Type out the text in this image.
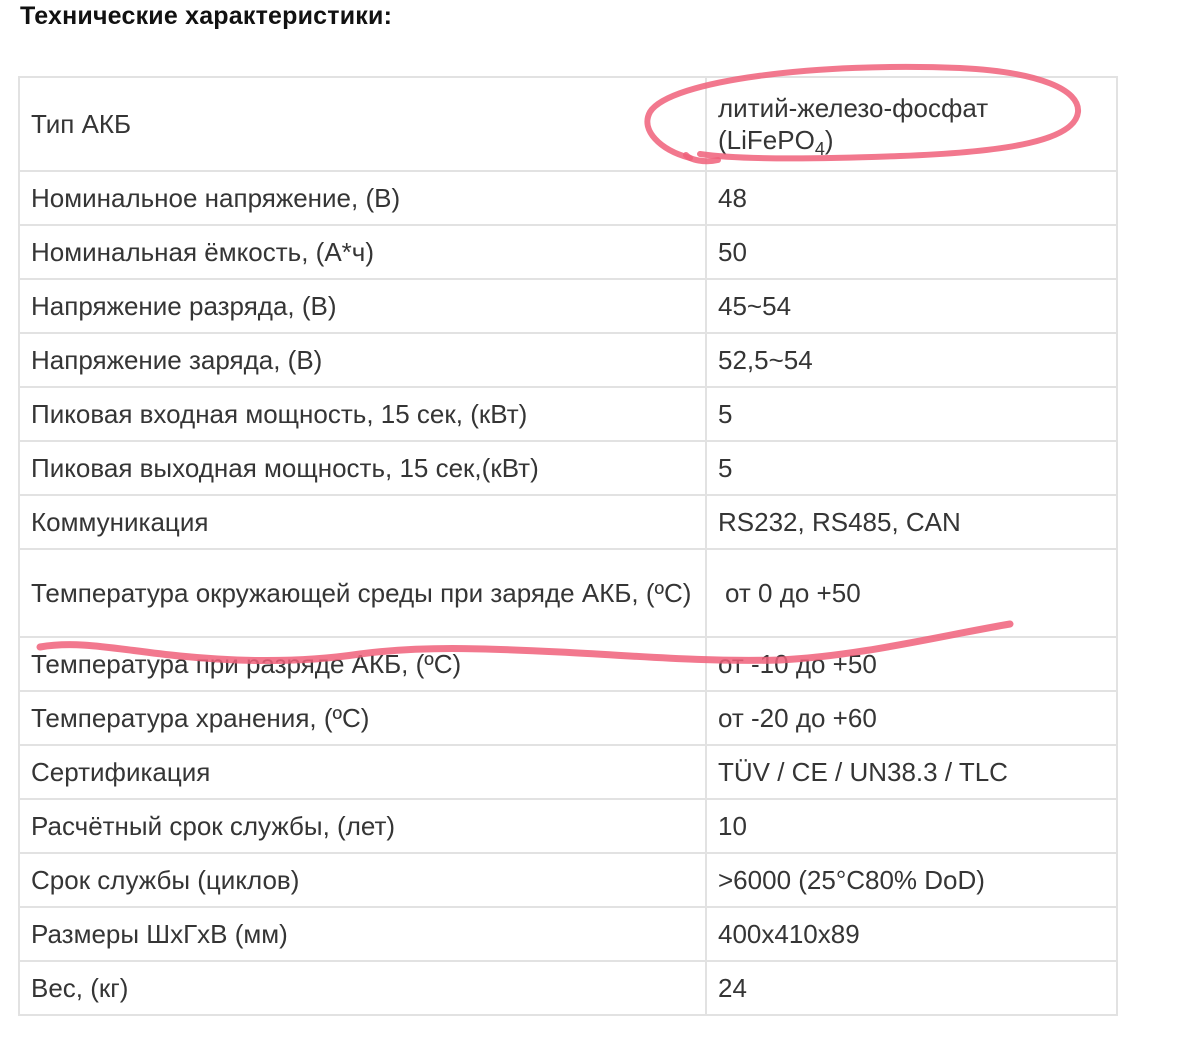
Технические характеристики:
Тип АКБ	литий-железо-фосфат
(LiFePO$_4$)
Номинальное напряжение, (В)	48
Номинальная ёмкость, (А*ч)	50
Напряжение разряда, (В)	45~54
Напряжение заряда, (В)	52,5~54
Пиковая входная мощность, 15 сек, (кВт)	5
Пиковая выходная мощность, 15 сек,(кВт)	5
Коммуникация	RS232, RS485, CAN
Температура окружающей среды при заряде АКБ, (ºC)	от 0 до +50
Температура при разряде АКБ, (ºC)	от -10 до +50
Температура хранения, (ºC)	от -20 до +60
Сертификация	TÜV / CE / UN38.3 / TLC
Расчётный срок службы, (лет)	10
Срок службы (циклов)	>6000 (25°C80% DoD)
Размеры ШxГxВ (мм)	400x410x89
Вес, (кг)	24
